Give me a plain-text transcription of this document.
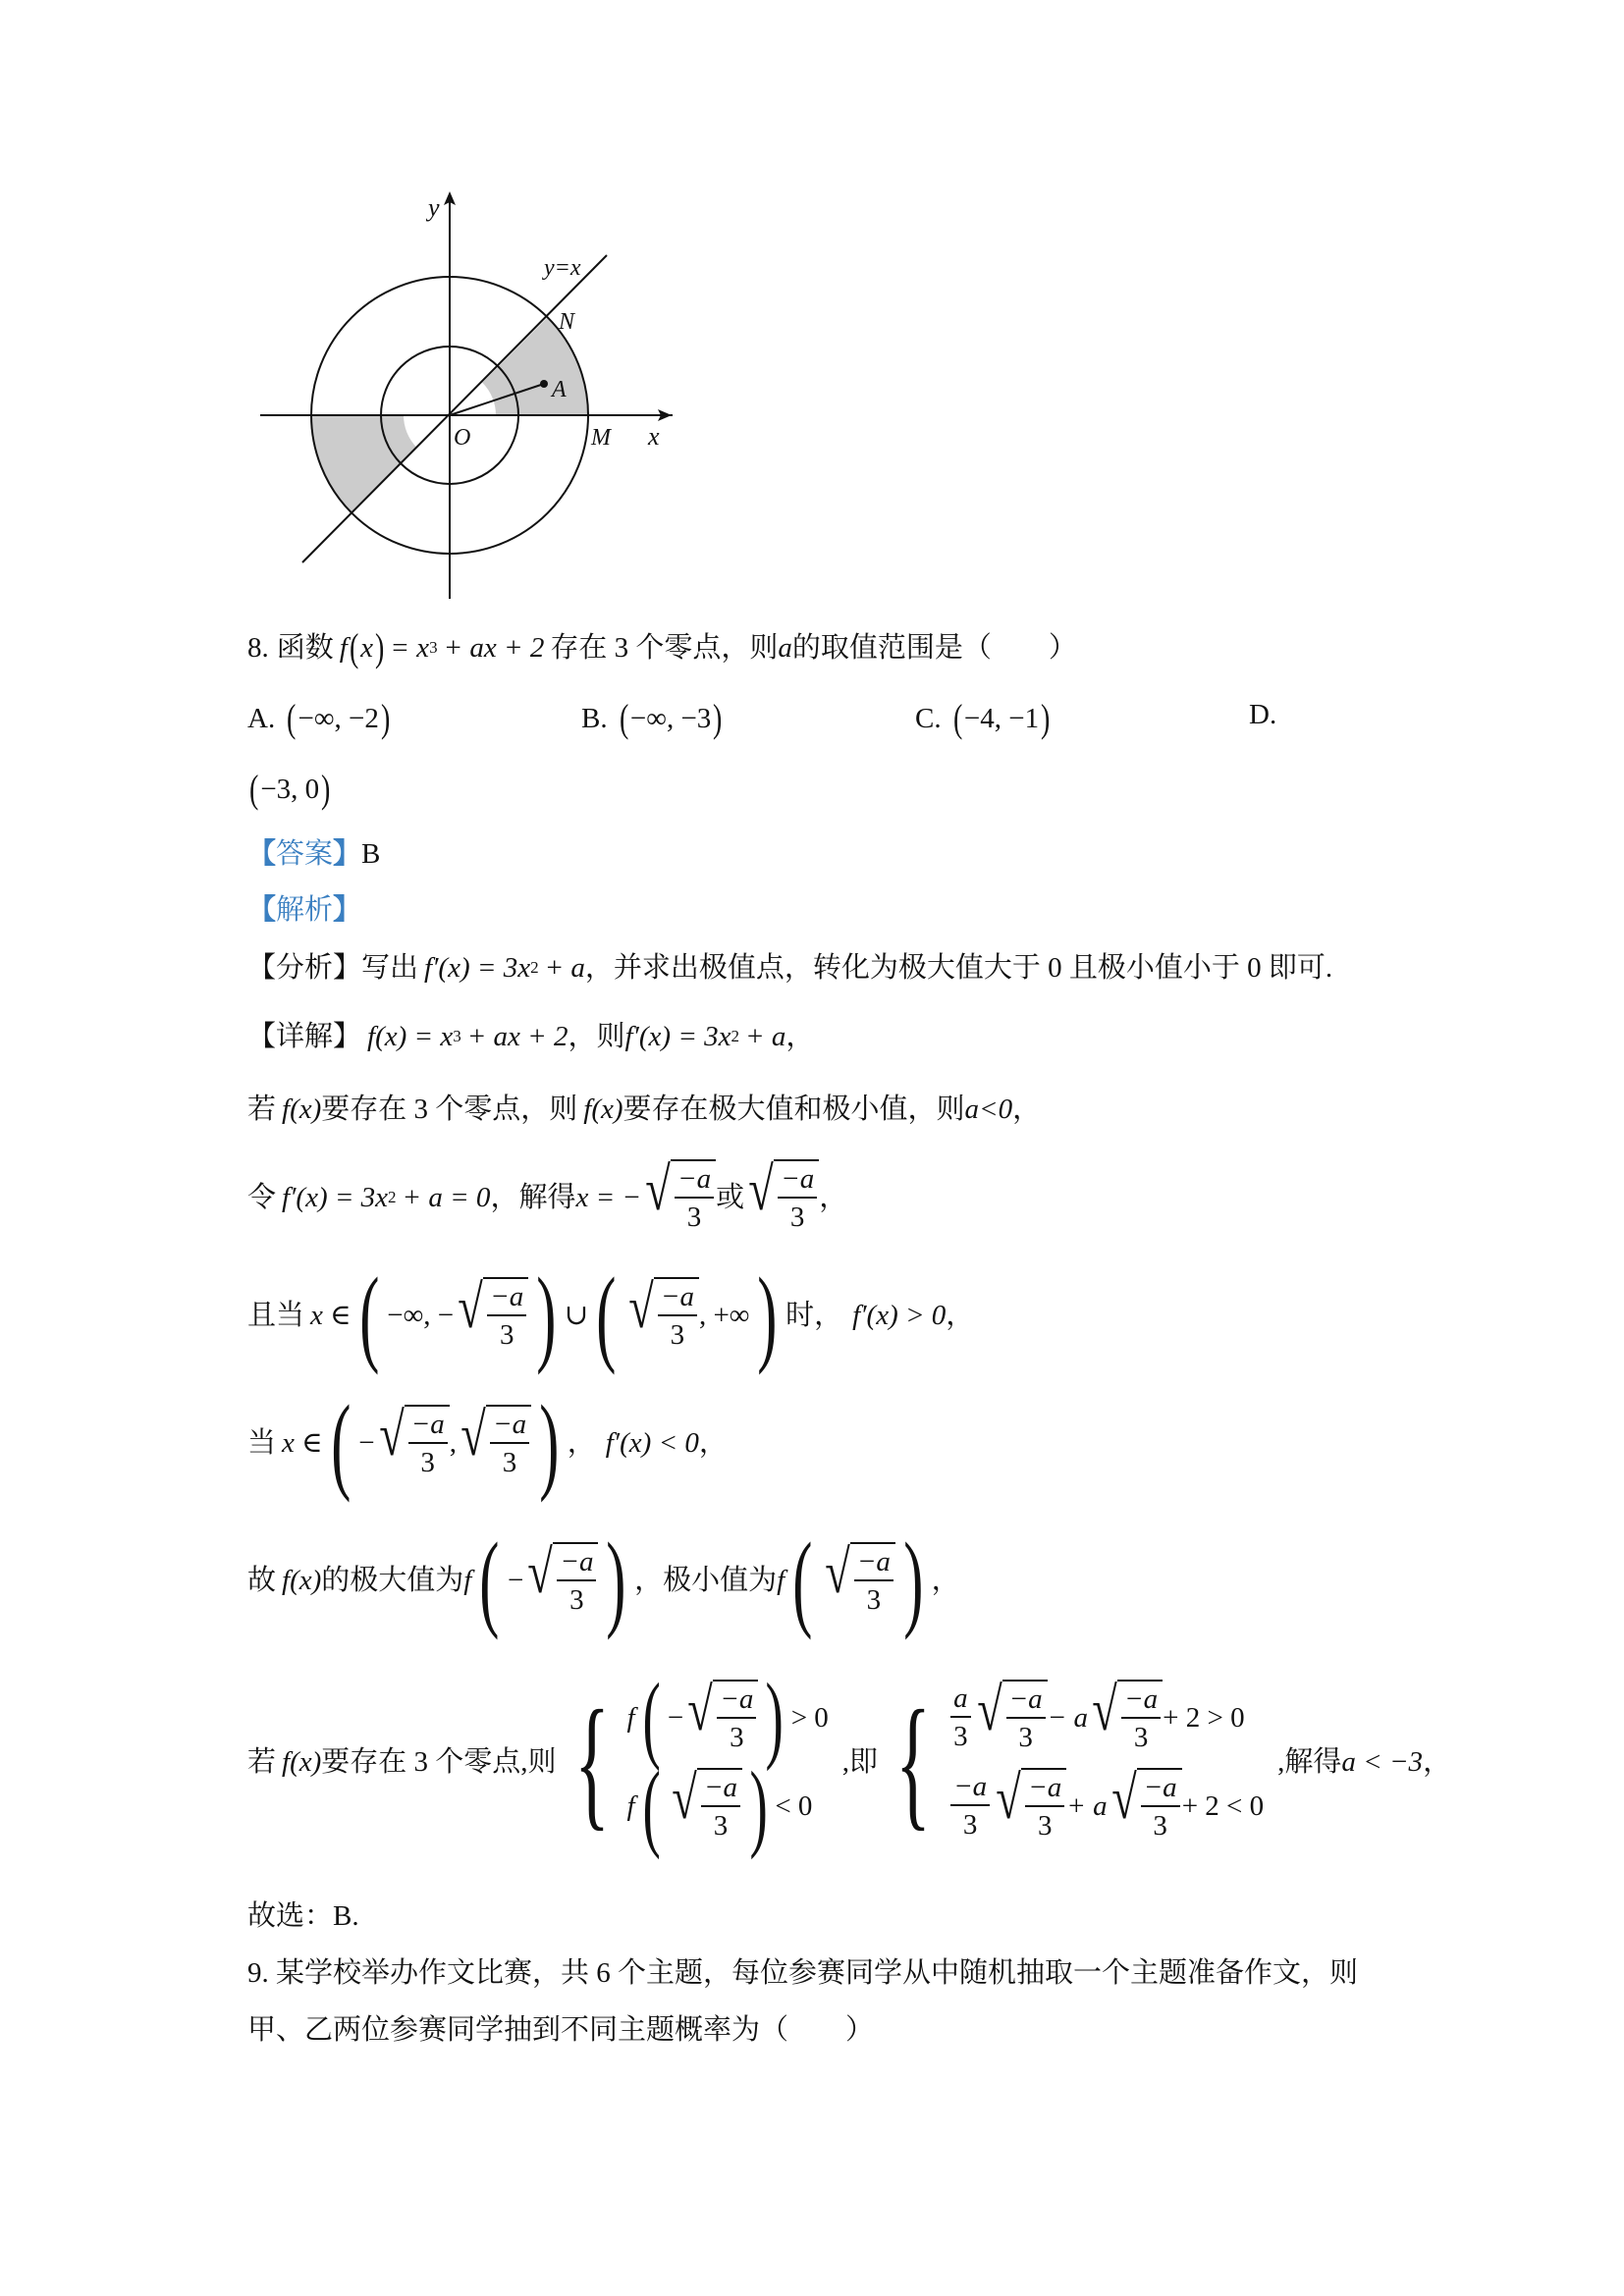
y
y=x
N
A
O	M x
8. 函数 f ( x ) = x 3 + ax + 2 存在 3 个零点，则 a 的取值范围是（　　）
A. ( −∞, −2 )	B. ( −∞, −3 )	C. ( −4, −1 )	D.
( −3, 0 )
【 答案 】 B
【 解析 】
【分析】 写出 f′(x) = 3x 2 + a ，并求出极值点，转化为极大值大于 0 且极小值小于 0 即可.
【详解】 f(x) = x 3 + ax + 2 ，则 f′(x) = 3x 2 + a ，
若 f(x) 要存在 3 个零点，则 f(x) 要存在极大值和极小值，则 a<0 ，
令 f′(x) = 3x 2 + a = 0 ，解得 x = − √ $\frac{-a}{3}$ 或 √ $\frac{-a}{3}$ ，
且当 x ∈ ( −∞, − √ $\frac{-a}{3}$ ) ∪ ( √ $\frac{-a}{3}$ , +∞ ) 时， f′(x) > 0 ，
当 x ∈ ( − √ $\frac{-a}{3}$ , √ $\frac{-a}{3}$ ) ， f′(x) < 0 ，
故 f(x) 的极大值为 f ( − √ $\frac{-a}{3}$ ) ，极小值为 f ( √ $\frac{-a}{3}$ ) ，
若 f(x) 要存在 3 个零点,则 { f ( − √ $\frac{-a}{3}$ ) > 0
f ( √ $\frac{-a}{3}$ ) < 0
,即 { $\frac{a}{3}$ √ $\frac{-a}{3} - a$ √ $\frac{-a}{3} + 2 > 0$
$\frac{-a}{3}$ √ $\frac{-a}{3} + a$ √ $\frac{-a}{3} + 2 < 0$
,解得 a < −3 ，
故选：B.
9. 某学校举办作文比赛，共 6 个主题，每位参赛同学从中随机抽取一个主题准备作文，则
甲、乙两位参赛同学抽到不同主题概率为（　　）
